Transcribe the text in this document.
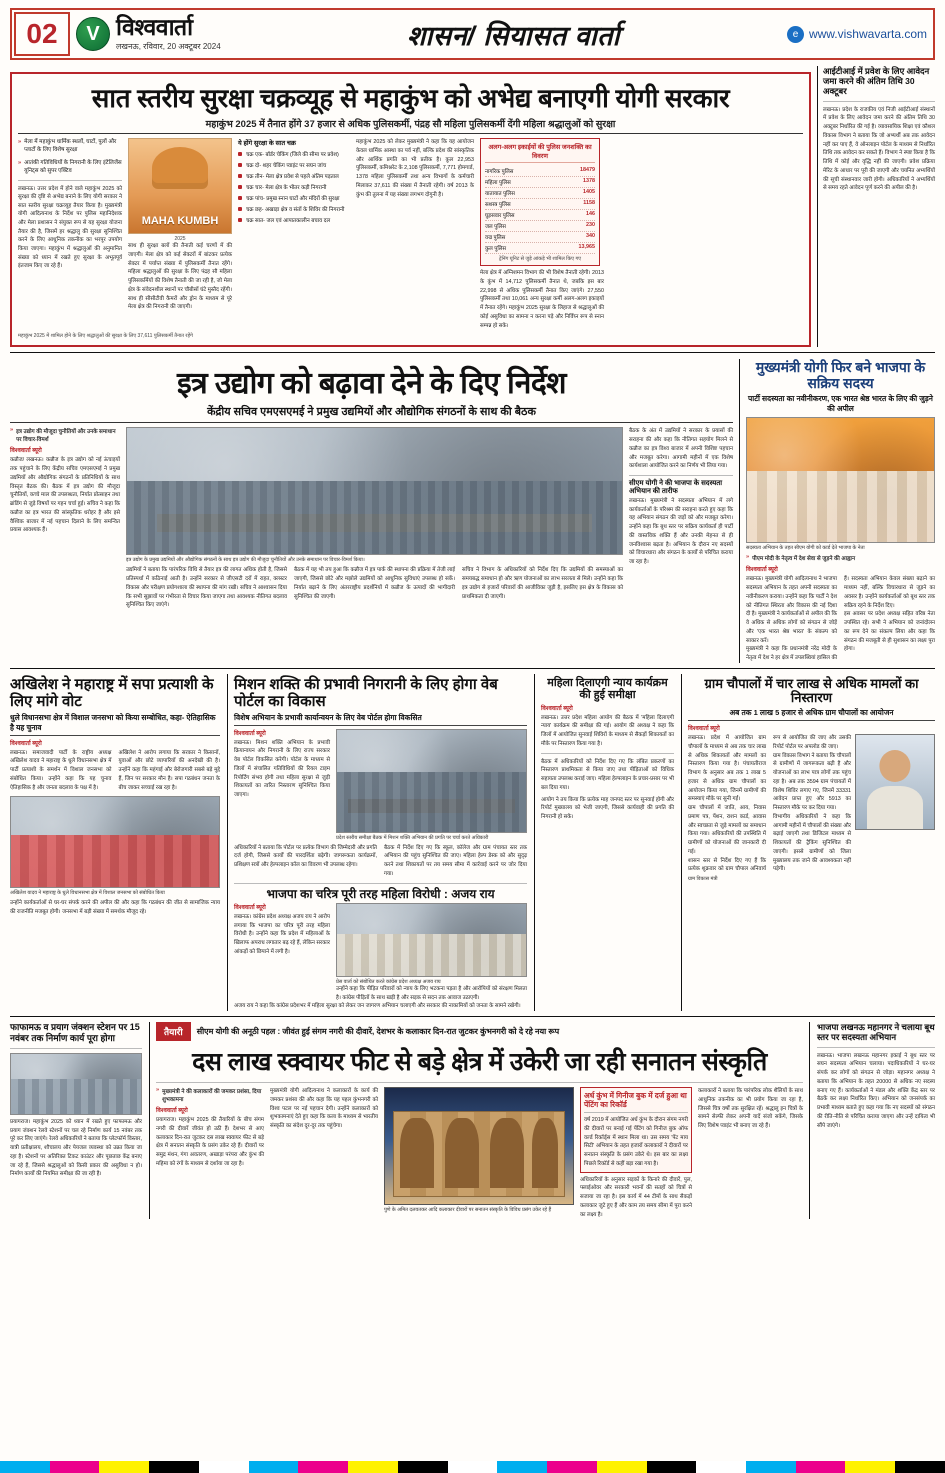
02	V विश्ववार्ता
लखनऊ, रविवार, 20 अक्टूबर 2024	शासन/ सियासत वार्ता	e www.vishwavarta.com
सात स्तरीय सुरक्षा चक्रव्यूह से महाकुंभ को अभेद्य बनाएगी योगी सरकार
महाकुंभ 2025 में तैनात होंगे 37 हजार से अधिक पुलिसकर्मी, पंद्रह सौ महिला पुलिसकर्मी देंगी महिला श्रद्धालुओं को सुरक्षा
» मेला में महाकुंभ धार्मिक स्थलों, घाटों, पुलों और प्लाटों के लिए विशेष सुरक्षा
» आतंकी गतिविधियों के निगरानी के लिए इंटेलिजेंस यूनिट्स को सुपर एक्टिव
लखनऊ। उत्तर प्रदेश में होने वाले महाकुंभ 2025 को सुरक्षा की दृष्टि से अभेद्य बनाने के लिए योगी सरकार ने सात स्तरीय सुरक्षा चक्रव्यूह तैयार किया है। मुख्यमंत्री योगी आदित्यनाथ के निर्देश पर पुलिस महानिदेशक और मेला प्रशासन ने संयुक्त रूप से यह सुरक्षा योजना तैयार की है, जिसमें हर श्रद्धालु की सुरक्षा सुनिश्चित करने के लिए आधुनिक तकनीक का भरपूर उपयोग किया जाएगा। महाकुंभ में श्रद्धालुओं की अनुमानित संख्या को ध्यान में रखते हुए सुरक्षा के अभूतपूर्व इंतजाम किए जा रहे हैं।
MAHA KUMBH
2025
साथ ही सुरक्षा बलों की तैनाती कई चरणों में की जाएगी। मेला क्षेत्र को कई सेक्टरों में बांटकर प्रत्येक सेक्टर में पर्याप्त संख्या में पुलिसकर्मी तैनात रहेंगे। महिला श्रद्धालुओं की सुरक्षा के लिए पंद्रह सौ महिला पुलिसकर्मियों की विशेष तैनाती की जा रही है, जो मेला क्षेत्र के संवेदनशील स्थानों पर चौबीसों घंटे मुस्तैद रहेंगी। साथ ही सीसीटीवी कैमरों और ड्रोन के माध्यम से पूरे मेला क्षेत्र की निगरानी की जाएगी।
ये होंगे सुरक्षा के सात चक्र
चक्र एक- बॉर्डर चेकिंग (जिले की सीमा पर प्रवेश)
चक्र दो- शहर चेकिंग प्वाइंट पर सघन जांच
चक्र तीन- मेला क्षेत्र प्रवेश से पहले अंतिम पड़ताल
चक्र चार- मेला क्षेत्र के भीतर कड़ी निगरानी
चक्र पांच- प्रमुख स्नान घाटों और मंदिरों की सुरक्षा
चक्र छह- अखाड़ा क्षेत्र व संतों के शिविर की निगरानी
चक्र सात- जल एवं आपातकालीन बचाव दल
महाकुंभ 2025 को लेकर मुख्यमंत्री ने कहा कि यह आयोजन केवल धार्मिक आस्था का पर्व नहीं, बल्कि प्रदेश की सांस्कृतिक और आर्थिक प्रगति का भी प्रतीक है। कुल 22,953 पुलिसकर्मी, कमिश्नरेट के 2,108 पुलिसकर्मी, 7,771 होमगार्ड, 1378 महिला पुलिसकर्मी तथा अन्य विभागों के कर्मचारी मिलाकर 37,611 की संख्या में तैनाती रहेगी। वर्ष 2013 के कुंभ की तुलना में यह संख्या लगभग दोगुनी है।
अलग-अलग इकाईयों की पुलिस जनशक्ति का विवरण
नागरिक पुलिस	18479
महिला पुलिस	1378
यातायात पुलिस	1405
सशस्त्र पुलिस	1158
घुड़सवार पुलिस	146
जल पुलिस	230
वज्र पुलिस	340
कुल पुलिस	13,965
ट्रेनिंग यूनिट से जुड़े आंकड़े भी शामिल किए गए
मेला क्षेत्र में अग्निशमन विभाग की भी विशेष तैनाती रहेगी। 2013 के कुंभ में 14,712 पुलिसकर्मी तैनात थे, जबकि इस बार 22,998 से अधिक पुलिसकर्मी तैनात किए जाएंगे। 27,550 पुलिसकर्मी तथा 10,061 अन्य सुरक्षा कर्मी अलग-अलग इकाइयों में तैनात रहेंगे। महाकुंभ 2025 सुरक्षा के लिहाज से श्रद्धालुओं की कोई असुविधा का सामना न करना पड़े और निर्विघ्न रूप से स्नान सम्पन्न हो सके।
महाकुंभ 2025 में शामिल होने के लिए श्रद्धालुओं की सुरक्षा के लिए 37,611 पुलिसकर्मी तैनात रहेंगे
आईटीआई में प्रवेश के लिए आवेदन जमा करने की अंतिम तिथि 30 अक्टूबर
लखनऊ। प्रदेश के राजकीय एवं निजी आईटीआई संस्थानों में प्रवेश के लिए आवेदन जमा करने की अंतिम तिथि 30 अक्टूबर निर्धारित की गई है। व्यावसायिक शिक्षा एवं कौशल विकास विभाग ने बताया कि जो अभ्यर्थी अब तक आवेदन नहीं कर पाए हैं, वे ऑनलाइन पोर्टल के माध्यम से निर्धारित तिथि तक आवेदन कर सकते हैं। विभाग ने स्पष्ट किया है कि तिथि में कोई और वृद्धि नहीं की जाएगी। प्रवेश प्रक्रिया मेरिट के आधार पर पूरी की जाएगी और चयनित अभ्यर्थियों की सूची संस्थानवार जारी होगी। अधिकारियों ने अभ्यर्थियों से समय रहते आवेदन पूर्ण करने की अपील की है।
इत्र उद्योग को बढ़ावा देने के दिए निर्देश
केंद्रीय सचिव एमएसएमई ने प्रमुख उद्यमियों और औद्योगिक संगठनों के साथ की बैठक
» इत्र उद्योग की मौजूदा चुनौतियों और उनके समाधान पर विचार-विमर्श
विश्ववार्ता ब्यूरो
कन्नौज/ लखनऊ। कन्नौज के इत्र उद्योग को नई ऊंचाइयों तक पहुंचाने के लिए केंद्रीय सचिव एमएसएमई ने प्रमुख उद्यमियों और औद्योगिक संगठनों के प्रतिनिधियों के साथ विस्तृत बैठक की। बैठक में इत्र उद्योग की मौजूदा चुनौतियों, कच्चे माल की उपलब्धता, निर्यात प्रोत्साहन तथा ब्रांडिंग से जुड़े विषयों पर गहन चर्चा हुई। सचिव ने कहा कि कन्नौज का इत्र भारत की सांस्कृतिक धरोहर है और इसे वैश्विक बाजार में नई पहचान दिलाने के लिए समन्वित प्रयास आवश्यक हैं।
इत्र उद्योग के प्रमुख उद्यमियों और औद्योगिक संगठनों के साथ इत्र उद्योग की मौजूदा चुनौतियों और उनके समाधान पर विचार-विमर्श किया।
उद्यमियों ने बताया कि पारंपरिक विधि से तैयार इत्र की लागत अधिक होती है, जिससे प्रतिस्पर्धा में कठिनाई आती है। उन्होंने सरकार से जीएसटी दरों में राहत, क्लस्टर विकास और परीक्षण प्रयोगशाला की स्थापना की मांग रखी। सचिव ने आश्वासन दिया कि सभी सुझावों पर गंभीरता से विचार किया जाएगा तथा आवश्यक नीतिगत बदलाव सुनिश्चित किए जाएंगे।
बैठक में यह भी तय हुआ कि कन्नौज में इत्र पार्क की स्थापना की प्रक्रिया में तेजी लाई जाएगी, जिससे छोटे और मझोले उद्यमियों को आधुनिक सुविधाएं उपलब्ध हो सकें। निर्यात बढ़ाने के लिए अंतरराष्ट्रीय प्रदर्शनियों में कन्नौज के उत्पादों की भागीदारी सुनिश्चित की जाएगी।
सचिव ने विभाग के अधिकारियों को निर्देश दिए कि उद्यमियों की समस्याओं का समयबद्ध समाधान हो और ऋण योजनाओं का लाभ सरलता से मिले। उन्होंने कहा कि इत्र उद्योग से हजारों परिवारों की आजीविका जुड़ी है, इसलिए इस क्षेत्र के विकास को प्राथमिकता दी जाएगी।
बैठक के अंत में उद्यमियों ने सरकार के प्रयासों की सराहना की और कहा कि नीतिगत सहयोग मिलने से कन्नौज का इत्र विश्व बाजार में अपनी विशिष्ट पहचान और मजबूत करेगा। आगामी महीनों में एक विशेष कार्यशाला आयोजित करने का निर्णय भी लिया गया।
सीएम योगी ने की भाजपा के सदस्यता अभियान की तारीफ
लखनऊ। मुख्यमंत्री ने सदस्यता अभियान में लगे कार्यकर्ताओं के परिश्रम की सराहना करते हुए कहा कि यह अभियान संगठन की जड़ों को और मजबूत करेगा। उन्होंने कहा कि बूथ स्तर पर सक्रिय कार्यकर्ता ही पार्टी की वास्तविक शक्ति हैं और उनकी मेहनत से ही जनविश्वास बढ़ता है। अभियान के दौरान नए सदस्यों को विचारधारा और संगठन के कार्यों से परिचित कराया जा रहा है।
मुख्यमंत्री योगी फिर बने भाजपा के सक्रिय सदस्य
पार्टी सदस्यता का नवीनीकरण, एक भारत श्रेष्ठ भारत के लिए की जुड़ने की अपील
सदस्यता अभियान के तहत सीएम योगी को कार्ड देते भाजपा के नेता
» पीएम मोदी के नेतृत्व में देश सेवा से जुड़ने की आह्वान
विश्ववार्ता ब्यूरो
लखनऊ। मुख्यमंत्री योगी आदित्यनाथ ने भाजपा सदस्यता अभियान के तहत अपनी सदस्यता का नवीनीकरण कराया। उन्होंने कहा कि पार्टी ने देश को नीतिगत स्थिरता और विकास की नई दिशा दी है। मुख्यमंत्री ने कार्यकर्ताओं से अपील की कि वे अधिक से अधिक लोगों को संगठन से जोड़ें और 'एक भारत श्रेष्ठ भारत' के संकल्प को साकार करें।
मुख्यमंत्री ने कहा कि प्रधानमंत्री नरेंद्र मोदी के नेतृत्व में देश ने हर क्षेत्र में उपलब्धियां हासिल की हैं। सदस्यता अभियान केवल संख्या बढ़ाने का माध्यम नहीं, बल्कि विचारधारा से जुड़ने का अवसर है। उन्होंने कार्यकर्ताओं को बूथ स्तर तक सक्रिय रहने के निर्देश दिए।
इस अवसर पर प्रदेश अध्यक्ष सहित वरिष्ठ नेता उपस्थित रहे। सभी ने अभियान को जनांदोलन का रूप देने का संकल्प लिया और कहा कि संगठन की मजबूती से ही सुशासन का लक्ष्य पूरा होगा।
अखिलेश ने महाराष्ट्र में सपा प्रत्याशी के लिए मांगे वोट
धुले विधानसभा क्षेत्र में विशाल जनसभा को किया सम्बोधित, कहा- ऐतिहासिक है यह चुनाव
विश्ववार्ता ब्यूरो
लखनऊ। समाजवादी पार्टी के राष्ट्रीय अध्यक्ष अखिलेश यादव ने महाराष्ट्र के धुले विधानसभा क्षेत्र में पार्टी प्रत्याशी के समर्थन में विशाल जनसभा को संबोधित किया। उन्होंने कहा कि यह चुनाव ऐतिहासिक है और जनता बदलाव के पक्ष में है।
अखिलेश ने आरोप लगाया कि सरकार ने किसानों, युवाओं और छोटे व्यापारियों की अनदेखी की है। उन्होंने कहा कि महंगाई और बेरोजगारी सबसे बड़े मुद्दे हैं, जिन पर सरकार मौन है। सपा गठबंधन जनता के बीच जाकर सच्चाई रख रहा है।
अखिलेश यादव ने महाराष्ट्र के धुले विधानसभा क्षेत्र में विशाल जनसभा को संबोधित किया
उन्होंने कार्यकर्ताओं से घर-घर संपर्क करने की अपील की और कहा कि गठबंधन की जीत से सामाजिक न्याय की राजनीति मजबूत होगी। जनसभा में बड़ी संख्या में समर्थक मौजूद रहे।
मिशन शक्ति की प्रभावी निगरानी के लिए होगा वेब पोर्टल का विकास
विशेष अभियान के प्रभावी कार्यान्वयन के लिए वेब पोर्टल होगा विकसित
विश्ववार्ता ब्यूरो
लखनऊ। मिशन शक्ति अभियान के प्रभावी क्रियान्वयन और निगरानी के लिए राज्य सरकार वेब पोर्टल विकसित करेगी। पोर्टल के माध्यम से जिलों में संचालित गतिविधियों की रियल टाइम रिपोर्टिंग संभव होगी तथा महिला सुरक्षा से जुड़ी शिकायतों का त्वरित निस्तारण सुनिश्चित किया जाएगा।
प्रदेश स्तरीय समीक्षा बैठक में मिशन शक्ति अभियान की प्रगति पर चर्चा करते अधिकारी
अधिकारियों ने बताया कि पोर्टल पर प्रत्येक विभाग की जिम्मेदारी और प्रगति दर्ज होगी, जिससे कार्यों की पारदर्शिता बढ़ेगी। जागरूकता कार्यक्रमों, प्रशिक्षण सत्रों और हेल्पलाइन कॉल का विवरण भी उपलब्ध रहेगा।
बैठक में निर्देश दिए गए कि स्कूल, कॉलेज और ग्राम पंचायत स्तर तक अभियान की पहुंच सुनिश्चित की जाए। महिला हेल्प डेस्क को और सुदृढ़ करने तथा शिकायतों पर तय समय सीमा में कार्रवाई करने पर जोर दिया गया।
भाजपा का चरित्र पूरी तरह महिला विरोधी : अजय राय
विश्ववार्ता ब्यूरो
लखनऊ। कांग्रेस प्रदेश अध्यक्ष अजय राय ने आरोप लगाया कि भाजपा का चरित्र पूरी तरह महिला विरोधी है। उन्होंने कहा कि प्रदेश में महिलाओं के खिलाफ अपराध लगातार बढ़ रहे हैं, लेकिन सरकार आंकड़ों को छिपाने में लगी है।
प्रेस वार्ता को संबोधित करते कांग्रेस प्रदेश अध्यक्ष अजय राय
उन्होंने कहा कि पीड़ित परिवारों को न्याय के लिए भटकना पड़ता है और आरोपियों को संरक्षण मिलता है। कांग्रेस पीड़ितों के साथ खड़ी है और सड़क से सदन तक आवाज उठाएगी।
अजय राय ने कहा कि कांग्रेस प्रदेशभर में महिला सुरक्षा को लेकर जन जागरण अभियान चलाएगी और सरकार की नाकामियों को जनता के सामने रखेगी।
महिला दिलाएगी न्याय कार्यक्रम की हुई समीक्षा
विश्ववार्ता ब्यूरो
लखनऊ। उत्तर प्रदेश महिला आयोग की बैठक में 'महिला दिलाएगी न्याय' कार्यक्रम की समीक्षा की गई। आयोग की अध्यक्ष ने कहा कि जिलों में आयोजित सुनवाई शिविरों के माध्यम से सैकड़ों शिकायतों का मौके पर निस्तारण किया गया है।
बैठक में अधिकारियों को निर्देश दिए गए कि लंबित प्रकरणों का निस्तारण प्राथमिकता से किया जाए तथा पीड़िताओं को विधिक सहायता उपलब्ध कराई जाए। महिला हेल्पलाइन के प्रचार-प्रसार पर भी बल दिया गया।
आयोग ने तय किया कि प्रत्येक माह जनपद स्तर पर सुनवाई होगी और रिपोर्ट मुख्यालय को भेजी जाएगी, जिससे कार्यवाही की प्रगति की निगरानी हो सके।
ग्राम चौपालों में चार लाख से अधिक मामलों का निस्तारण
अब तक 1 लाख 5 हजार से अधिक ग्राम चौपालों का आयोजन
विश्ववार्ता ब्यूरो
लखनऊ। प्रदेश में आयोजित ग्राम चौपालों के माध्यम से अब तक चार लाख से अधिक शिकायतों और मामलों का निस्तारण किया गया है। पंचायतीराज विभाग के अनुसार अब तक 1 लाख 5 हजार से अधिक ग्राम चौपालों का आयोजन किया गया, जिनमें ग्रामीणों की समस्याएं मौके पर सुनी गईं।
ग्राम चौपालों में जाति, आय, निवास प्रमाण पत्र, पेंशन, राशन कार्ड, आवास और स्वच्छता से जुड़े मामलों का समाधान किया गया। अधिकारियों की उपस्थिति में ग्रामीणों को योजनाओं की जानकारी दी गई।
शासन स्तर से निर्देश दिए गए हैं कि प्रत्येक शुक्रवार को ग्राम चौपाल अनिवार्य रूप से आयोजित की जाए और उसकी रिपोर्ट पोर्टल पर अपलोड की जाए।
ग्राम विकास विभाग ने बताया कि चौपालों से ग्रामीणों में जागरूकता बढ़ी है और योजनाओं का लाभ पात्र लोगों तक पहुंच रहा है। अब तक 3594 ग्राम पंचायतों में विशेष शिविर लगाए गए, जिनमें 33331 आवेदन प्राप्त हुए और 5913 का निस्तारण मौके पर कर दिया गया।
विभागीय अधिकारियों ने कहा कि आगामी महीनों में चौपालों की संख्या और बढ़ाई जाएगी तथा डिजिटल माध्यम से शिकायतों की ट्रैकिंग सुनिश्चित की जाएगी। इससे ग्रामीणों को जिला मुख्यालय तक जाने की आवश्यकता नहीं पड़ेगी।
ग्राम विकास मंत्री
फाफामऊ व प्रयाग जंक्शन स्टेशन पर 15 नवंबर तक निर्माण कार्य पूरा होगा
प्रयागराज। महाकुंभ 2025 को ध्यान में रखते हुए फाफामऊ और प्रयाग जंक्शन रेलवे स्टेशनों पर चल रहे निर्माण कार्य 15 नवंबर तक पूरे कर लिए जाएंगे। रेलवे अधिकारियों ने बताया कि प्लेटफॉर्म विस्तार, यात्री प्रतीक्षालय, शौचालय और पेयजल व्यवस्था को उन्नत किया जा रहा है। स्टेशनों पर अतिरिक्त टिकट काउंटर और पूछताछ केंद्र बनाए जा रहे हैं, जिससे श्रद्धालुओं को किसी प्रकार की असुविधा न हो। निर्माण कार्यों की नियमित समीक्षा की जा रही है।
तैयारी	सीएम योगी की अनूठी पहल : जीवंत हुई संगम नगरी की दीवारें, देशभर के कलाकार दिन-रात जुटकर कुंभनगरी को दे रहे नया रूप
दस लाख स्क्वायर फीट से बड़े क्षेत्र में उकेरी जा रही सनातन संस्कृति
» मुख्यमंत्री ने की कलाकारों की जमकर प्रशंसा, दिया शुभकामना
विश्ववार्ता ब्यूरो
प्रयागराज। महाकुंभ 2025 की तैयारियों के बीच संगम नगरी की दीवारें जीवंत हो उठी हैं। देशभर से आए कलाकार दिन-रात जुटकर दस लाख स्क्वायर फीट से बड़े क्षेत्र में सनातन संस्कृति के प्रसंग उकेर रहे हैं। दीवारों पर समुद्र मंथन, गंगा अवतरण, अखाड़ा परंपरा और कुंभ की महिमा को रंगों के माध्यम से दर्शाया जा रहा है।
मुख्यमंत्री योगी आदित्यनाथ ने कलाकारों के कार्य की जमकर प्रशंसा की और कहा कि यह पहल कुंभनगरी को विश्व पटल पर नई पहचान देगी। उन्होंने कलाकारों को शुभकामनाएं देते हुए कहा कि कला के माध्यम से भारतीय संस्कृति का संदेश दूर-दूर तक पहुंचेगा।
पुणे के अमित दलवतकर आदि कलाकार दीवारों पर सनातन संस्कृति के विविध प्रसंग उकेर रहे हैं
अर्ध कुंभ में गिनीज बुक में दर्ज हुआ था पेंटिंग का रिकॉर्ड
वर्ष 2019 में आयोजित अर्ध कुंभ के दौरान संगम नगरी की दीवारों पर बनाई गई पेंटिंग को गिनीज बुक ऑफ वर्ल्ड रिकॉर्ड्स में स्थान मिला था। उस समय 'पेंट माय सिटी' अभियान के तहत हजारों कलाकारों ने दीवारों पर सनातन संस्कृति के प्रसंग उकेरे थे। इस बार का लक्ष्य पिछले रिकॉर्ड से कहीं बड़ा रखा गया है।
अधिकारियों के अनुसार सड़कों के किनारे की दीवारें, पुल, फ्लाईओवर और सरकारी भवनों की सतहों को चित्रों से सजाया जा रहा है। इस कार्य में 44 टीमों के साथ सैकड़ों कलाकार जुटे हुए हैं और काम तय समय सीमा में पूरा करने का लक्ष्य है।
कलाकारों ने बताया कि पारंपरिक लोक शैलियों के साथ आधुनिक तकनीक का भी प्रयोग किया जा रहा है, जिससे चित्र वर्षों तक सुरक्षित रहें। श्रद्धालु इन चित्रों के सामने सेल्फी लेकर अपनी यादें संजो सकेंगे, जिसके लिए विशेष प्वाइंट भी बनाए जा रहे हैं।
भाजपा लखनऊ महानगर ने चलाया बूथ स्तर पर सदस्यता अभियान
लखनऊ। भाजपा लखनऊ महानगर इकाई ने बूथ स्तर पर सघन सदस्यता अभियान चलाया। पदाधिकारियों ने घर-घर संपर्क कर लोगों को संगठन से जोड़ा। महानगर अध्यक्ष ने बताया कि अभियान के तहत 20000 से अधिक नए सदस्य बनाए गए हैं। कार्यकर्ताओं ने मंडल और शक्ति केंद्र स्तर पर बैठकें कर लक्ष्य निर्धारित किए। अभियान को जनसंपर्क का प्रभावी माध्यम बताते हुए कहा गया कि नए सदस्यों को संगठन की रीति-नीति से परिचित कराया जाएगा और उन्हें दायित्व भी सौंपे जाएंगे।
